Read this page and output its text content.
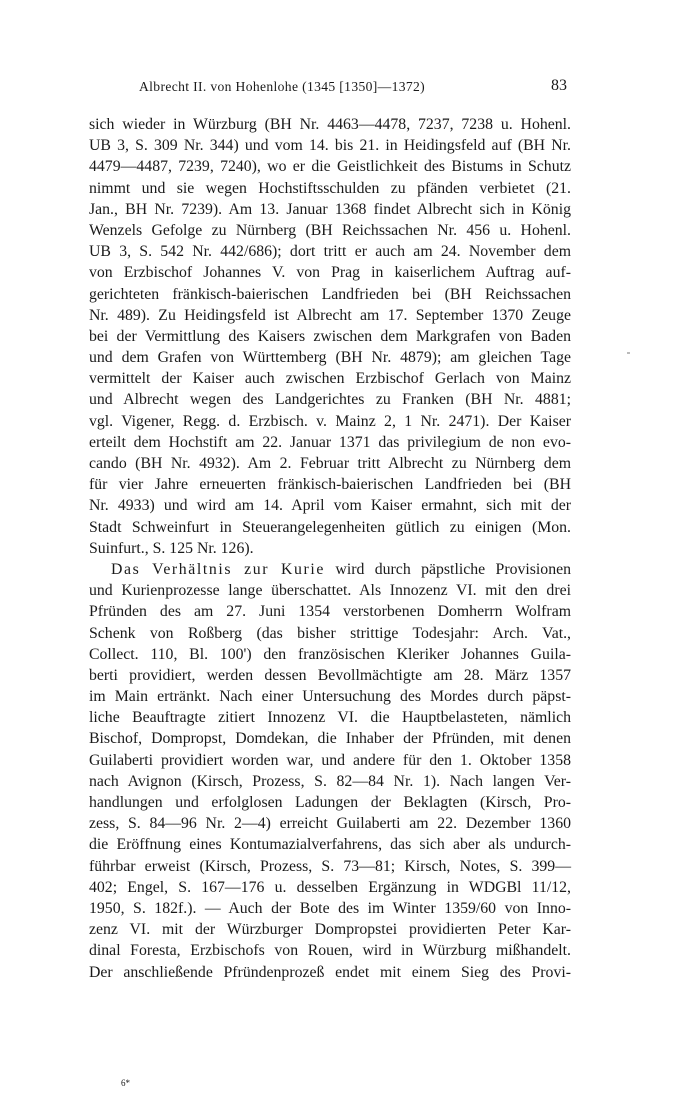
Albrecht II. von Hohenlohe (1345 [1350]—1372)	83
sich wieder in Würzburg (BH Nr. 4463—4478, 7237, 7238 u. Hohenl.
UB 3, S. 309 Nr. 344) und vom 14. bis 21. in Heidingsfeld auf (BH Nr.
4479—4487, 7239, 7240), wo er die Geistlichkeit des Bistums in Schutz
nimmt und sie wegen Hochstiftsschulden zu pfänden verbietet (21.
Jan., BH Nr. 7239). Am 13. Januar 1368 findet Albrecht sich in König
Wenzels Gefolge zu Nürnberg (BH Reichssachen Nr. 456 u. Hohenl.
UB 3, S. 542 Nr. 442/686); dort tritt er auch am 24. November dem
von Erzbischof Johannes V. von Prag in kaiserlichem Auftrag auf-
gerichteten fränkisch-baierischen Landfrieden bei (BH Reichssachen
Nr. 489). Zu Heidingsfeld ist Albrecht am 17. September 1370 Zeuge
bei der Vermittlung des Kaisers zwischen dem Markgrafen von Baden
und dem Grafen von Württemberg (BH Nr. 4879); am gleichen Tage
vermittelt der Kaiser auch zwischen Erzbischof Gerlach von Mainz
und Albrecht wegen des Landgerichtes zu Franken (BH Nr. 4881;
vgl. Vigener, Regg. d. Erzbisch. v. Mainz 2, 1 Nr. 2471). Der Kaiser
erteilt dem Hochstift am 22. Januar 1371 das privilegium de non evo-
cando (BH Nr. 4932). Am 2. Februar tritt Albrecht zu Nürnberg dem
für vier Jahre erneuerten fränkisch-baierischen Landfrieden bei (BH
Nr. 4933) und wird am 14. April vom Kaiser ermahnt, sich mit der
Stadt Schweinfurt in Steuerangelegenheiten gütlich zu einigen (Mon.
Suinfurt., S. 125 Nr. 126).
Das Verhältnis zur Kurie wird durch päpstliche Provisionen
und Kurienprozesse lange überschattet. Als Innozenz VI. mit den drei
Pfründen des am 27. Juni 1354 verstorbenen Domherrn Wolfram
Schenk von Roßberg (das bisher strittige Todesjahr: Arch. Vat.,
Collect. 110, Bl. 100') den französischen Kleriker Johannes Guila-
berti providiert, werden dessen Bevollmächtigte am 28. März 1357
im Main ertränkt. Nach einer Untersuchung des Mordes durch päpst-
liche Beauftragte zitiert Innozenz VI. die Hauptbelasteten, nämlich
Bischof, Dompropst, Domdekan, die Inhaber der Pfründen, mit denen
Guilaberti providiert worden war, und andere für den 1. Oktober 1358
nach Avignon (Kirsch, Prozess, S. 82—84 Nr. 1). Nach langen Ver-
handlungen und erfolglosen Ladungen der Beklagten (Kirsch, Pro-
zess, S. 84—96 Nr. 2—4) erreicht Guilaberti am 22. Dezember 1360
die Eröffnung eines Kontumazialverfahrens, das sich aber als undurch-
führbar erweist (Kirsch, Prozess, S. 73—81; Kirsch, Notes, S. 399—
402; Engel, S. 167—176 u. desselben Ergänzung in WDGBl 11/12,
1950, S. 182f.). — Auch der Bote des im Winter 1359/60 von Inno-
zenz VI. mit der Würzburger Dompropstei providierten Peter Kar-
dinal Foresta, Erzbischofs von Rouen, wird in Würzburg mißhandelt.
Der anschließende Pfründenprozeß endet mit einem Sieg des Provi-
6*
